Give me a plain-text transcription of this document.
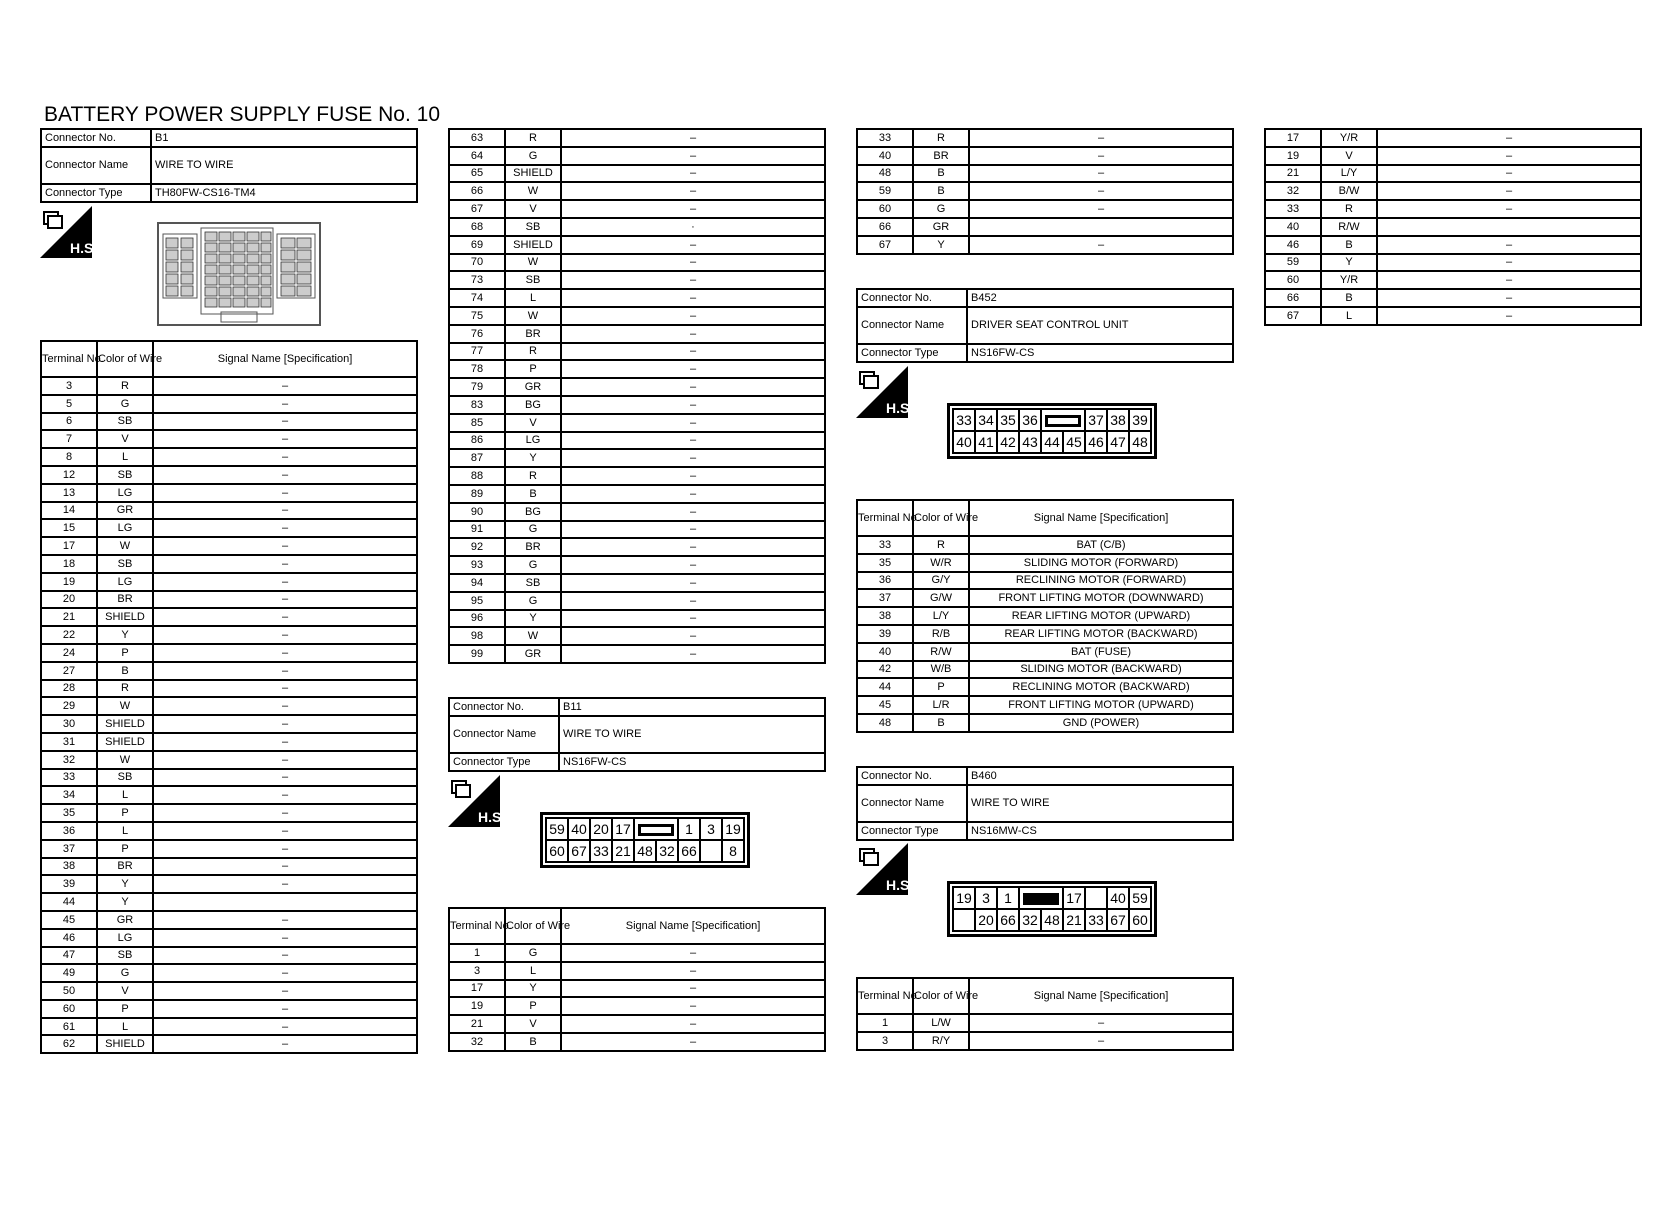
BATTERY POWER SUPPLY FUSE No. 10
Connector No.	B1
Connector Name	WIRE TO WIRE
Connector Type	TH80FW-CS16-TM4
H.S.
Terminal No.	Color of Wire	Signal Name [Specification]
3	R	–
5	G	–
6	SB	–
7	V	–
8	L	–
12	SB	–
13	LG	–
14	GR	–
15	LG	–
17	W	–
18	SB	–
19	LG	–
20	BR	–
21	SHIELD	–
22	Y	–
24	P	–
27	B	–
28	R	–
29	W	–
30	SHIELD	–
31	SHIELD	–
32	W	–
33	SB	–
34	L	–
35	P	–
36	L	–
37	P	–
38	BR	–
39	Y	–
44	Y	
45	GR	–
46	LG	–
47	SB	–
49	G	–
50	V	–
60	P	–
61	L	–
62	SHIELD	–
63	R	–
64	G	–
65	SHIELD	–
66	W	–
67	V	–
68	SB	·
69	SHIELD	–
70	W	–
73	SB	–
74	L	–
75	W	–
76	BR	–
77	R	–
78	P	–
79	GR	–
83	BG	–
85	V	–
86	LG	–
87	Y	–
88	R	–
89	B	–
90	BG	–
91	G	–
92	BR	–
93	G	–
94	SB	–
95	G	–
96	Y	–
98	W	–
99	GR	–
Connector No.	B11
Connector Name	WIRE TO WIRE
Connector Type	NS16FW-CS
H.S.
59	40	20	17			1	3	19
60	67	33	21	48	32	66		8
Terminal No.	Color of Wire	Signal Name [Specification]
1	G	–
3	L	–
17	Y	–
19	P	–
21	V	–
32	B	–
33	R	–
40	BR	–
48	B	–
59	B	–
60	G	–
66	GR	
67	Y	–
Connector No.	B452
Connector Name	DRIVER SEAT CONTROL UNIT
Connector Type	NS16FW-CS
H.S.
33	34	35	36			37	38	39
40	41	42	43	44	45	46	47	48
Terminal No.	Color of Wire	Signal Name [Specification]
33	R	BAT (C/B)
35	W/R	SLIDING MOTOR (FORWARD)
36	G/Y	RECLINING MOTOR (FORWARD)
37	G/W	FRONT LIFTING MOTOR (DOWNWARD)
38	L/Y	REAR LIFTING MOTOR (UPWARD)
39	R/B	REAR LIFTING MOTOR (BACKWARD)
40	R/W	BAT (FUSE)
42	W/B	SLIDING MOTOR (BACKWARD)
44	P	RECLINING MOTOR (BACKWARD)
45	L/R	FRONT LIFTING MOTOR (UPWARD)
48	B	GND (POWER)
Connector No.	B460
Connector Name	WIRE TO WIRE
Connector Type	NS16MW-CS
H.S.
19	3	1			17		40	59
	20	66	32	48	21	33	67	60
Terminal No.	Color of Wire	Signal Name [Specification]
1	L/W	–
3	R/Y	–
17	Y/R	–
19	V	–
21	L/Y	–
32	B/W	–
33	R	–
40	R/W	
46	B	–
59	Y	–
60	Y/R	–
66	B	–
67	L	–
